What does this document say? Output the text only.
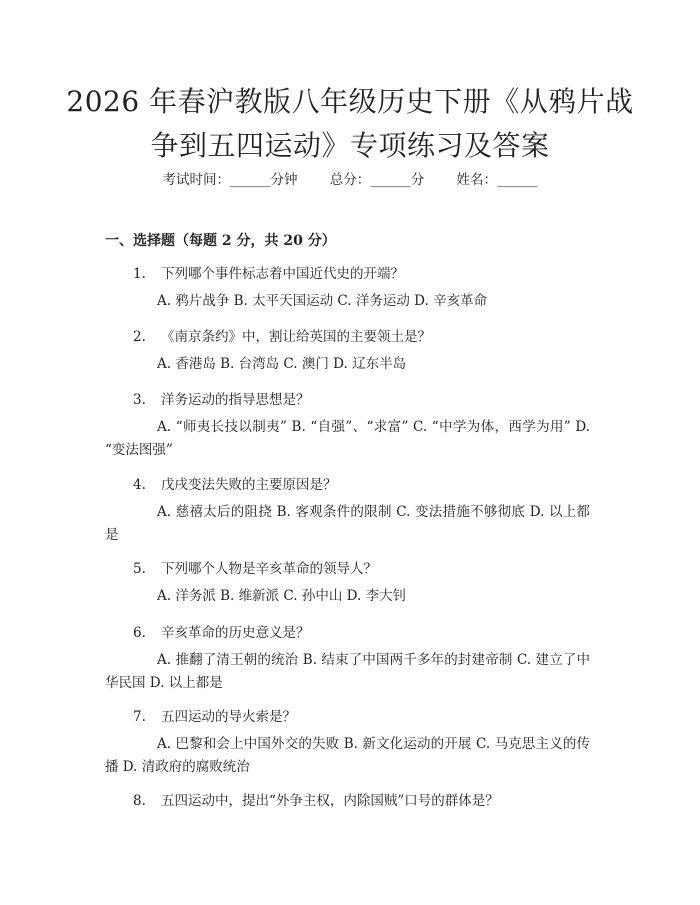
2026 年春沪教版八年级历史下册《从鸦片战
争到五四运动》专项练习及答案
考试时间：______分钟 总分：______分 姓名：______
一、选择题（每题 2 分，共 20 分）
1. 下列哪个事件标志着中国近代史的开端？
A. 鸦片战争 B. 太平天国运动 C. 洋务运动 D. 辛亥革命
2. 《南京条约》中，割让给英国的主要领土是？
A. 香港岛 B. 台湾岛 C. 澳门 D. 辽东半岛
3. 洋务运动的指导思想是？
A. “师夷长技以制夷” B. “自强”、“求富” C. “中学为体，西学为用” D. “变法图强”
4. 戊戌变法失败的主要原因是？
A. 慈禧太后的阻挠 B. 客观条件的限制 C. 变法措施不够彻底 D. 以上都是
5. 下列哪个人物是辛亥革命的领导人？
A. 洋务派 B. 维新派 C. 孙中山 D. 李大钊
6. 辛亥革命的历史意义是？
A. 推翻了清王朝的统治 B. 结束了中国两千多年的封建帝制 C. 建立了中华民国 D. 以上都是
7. 五四运动的导火索是？
A. 巴黎和会上中国外交的失败 B. 新文化运动的开展 C. 马克思主义的传播 D. 清政府的腐败统治
8. 五四运动中，提出“外争主权，内除国贼”口号的群体是？
